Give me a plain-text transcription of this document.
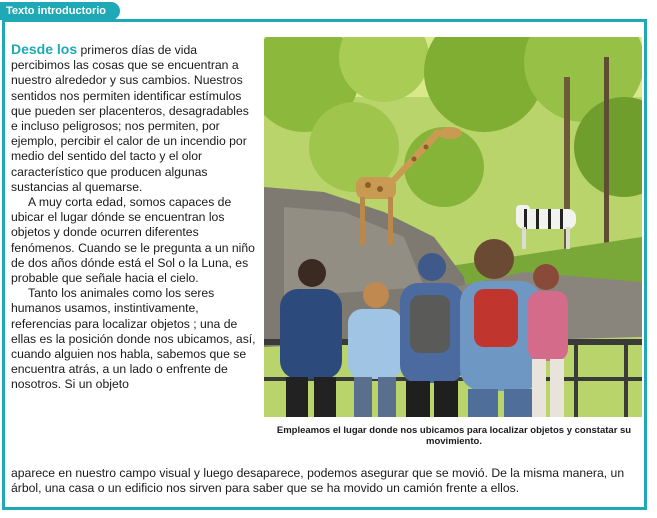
Texto introductorio

Desde los primeros días de vida percibimos las cosas que se encuentran a nuestro alrededor y sus cambios. Nuestros sentidos nos permiten identificar estímulos que pueden ser placenteros, desagradables e incluso peligrosos; nos permiten, por ejemplo, percibir el calor de un incendio por medio del sentido del tacto y el olor característico que producen algunas sustancias al quemarse.

A muy corta edad, somos capaces de ubicar el lugar dónde se encuentran los objetos y donde ocurren diferentes fenómenos. Cuando se le pregunta a un niño de dos años dónde está el Sol o la Luna, es probable que señale hacia el cielo.

Tanto los animales como los seres humanos usamos, instintivamente, referencias para localizar objetos ; una de ellas es la posición donde nos ubicamos, así, cuando alguien nos habla, sabemos que se encuentra atrás, a un lado o enfrente de nosotros. Si un objeto

aparece en nuestro campo visual y luego desaparece, podemos asegurar que se movió. De la misma manera, un árbol, una casa o un edificio nos sirven para saber que se ha movido un camión frente a ellos.
Empleamos el lugar donde nos ubicamos para localizar objetos y constatar su movimiento.
